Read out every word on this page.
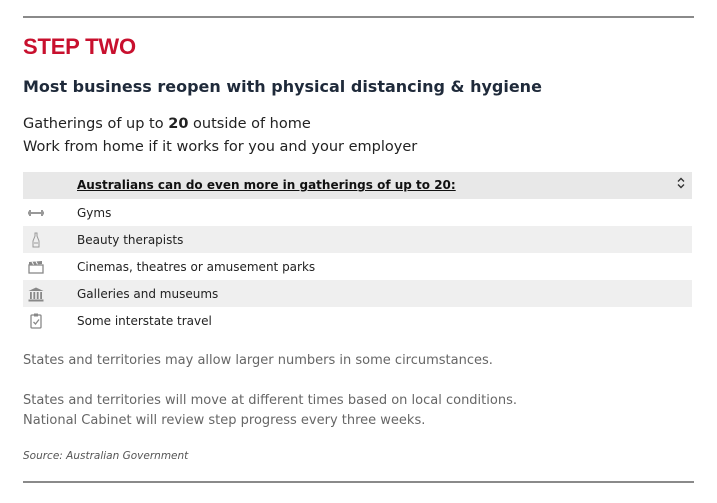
STEP TWO
Most business reopen with physical distancing & hygiene
Gatherings of up to 20 outside of home
Work from home if it works for you and your employer
Australians can do even more in gatherings of up to 20:
Gyms
Beauty therapists
Cinemas, theatres or amusement parks
Galleries and museums
Some interstate travel
States and territories may allow larger numbers in some circumstances.
States and territories will move at different times based on local conditions.
National Cabinet will review step progress every three weeks.
Source: Australian Government
